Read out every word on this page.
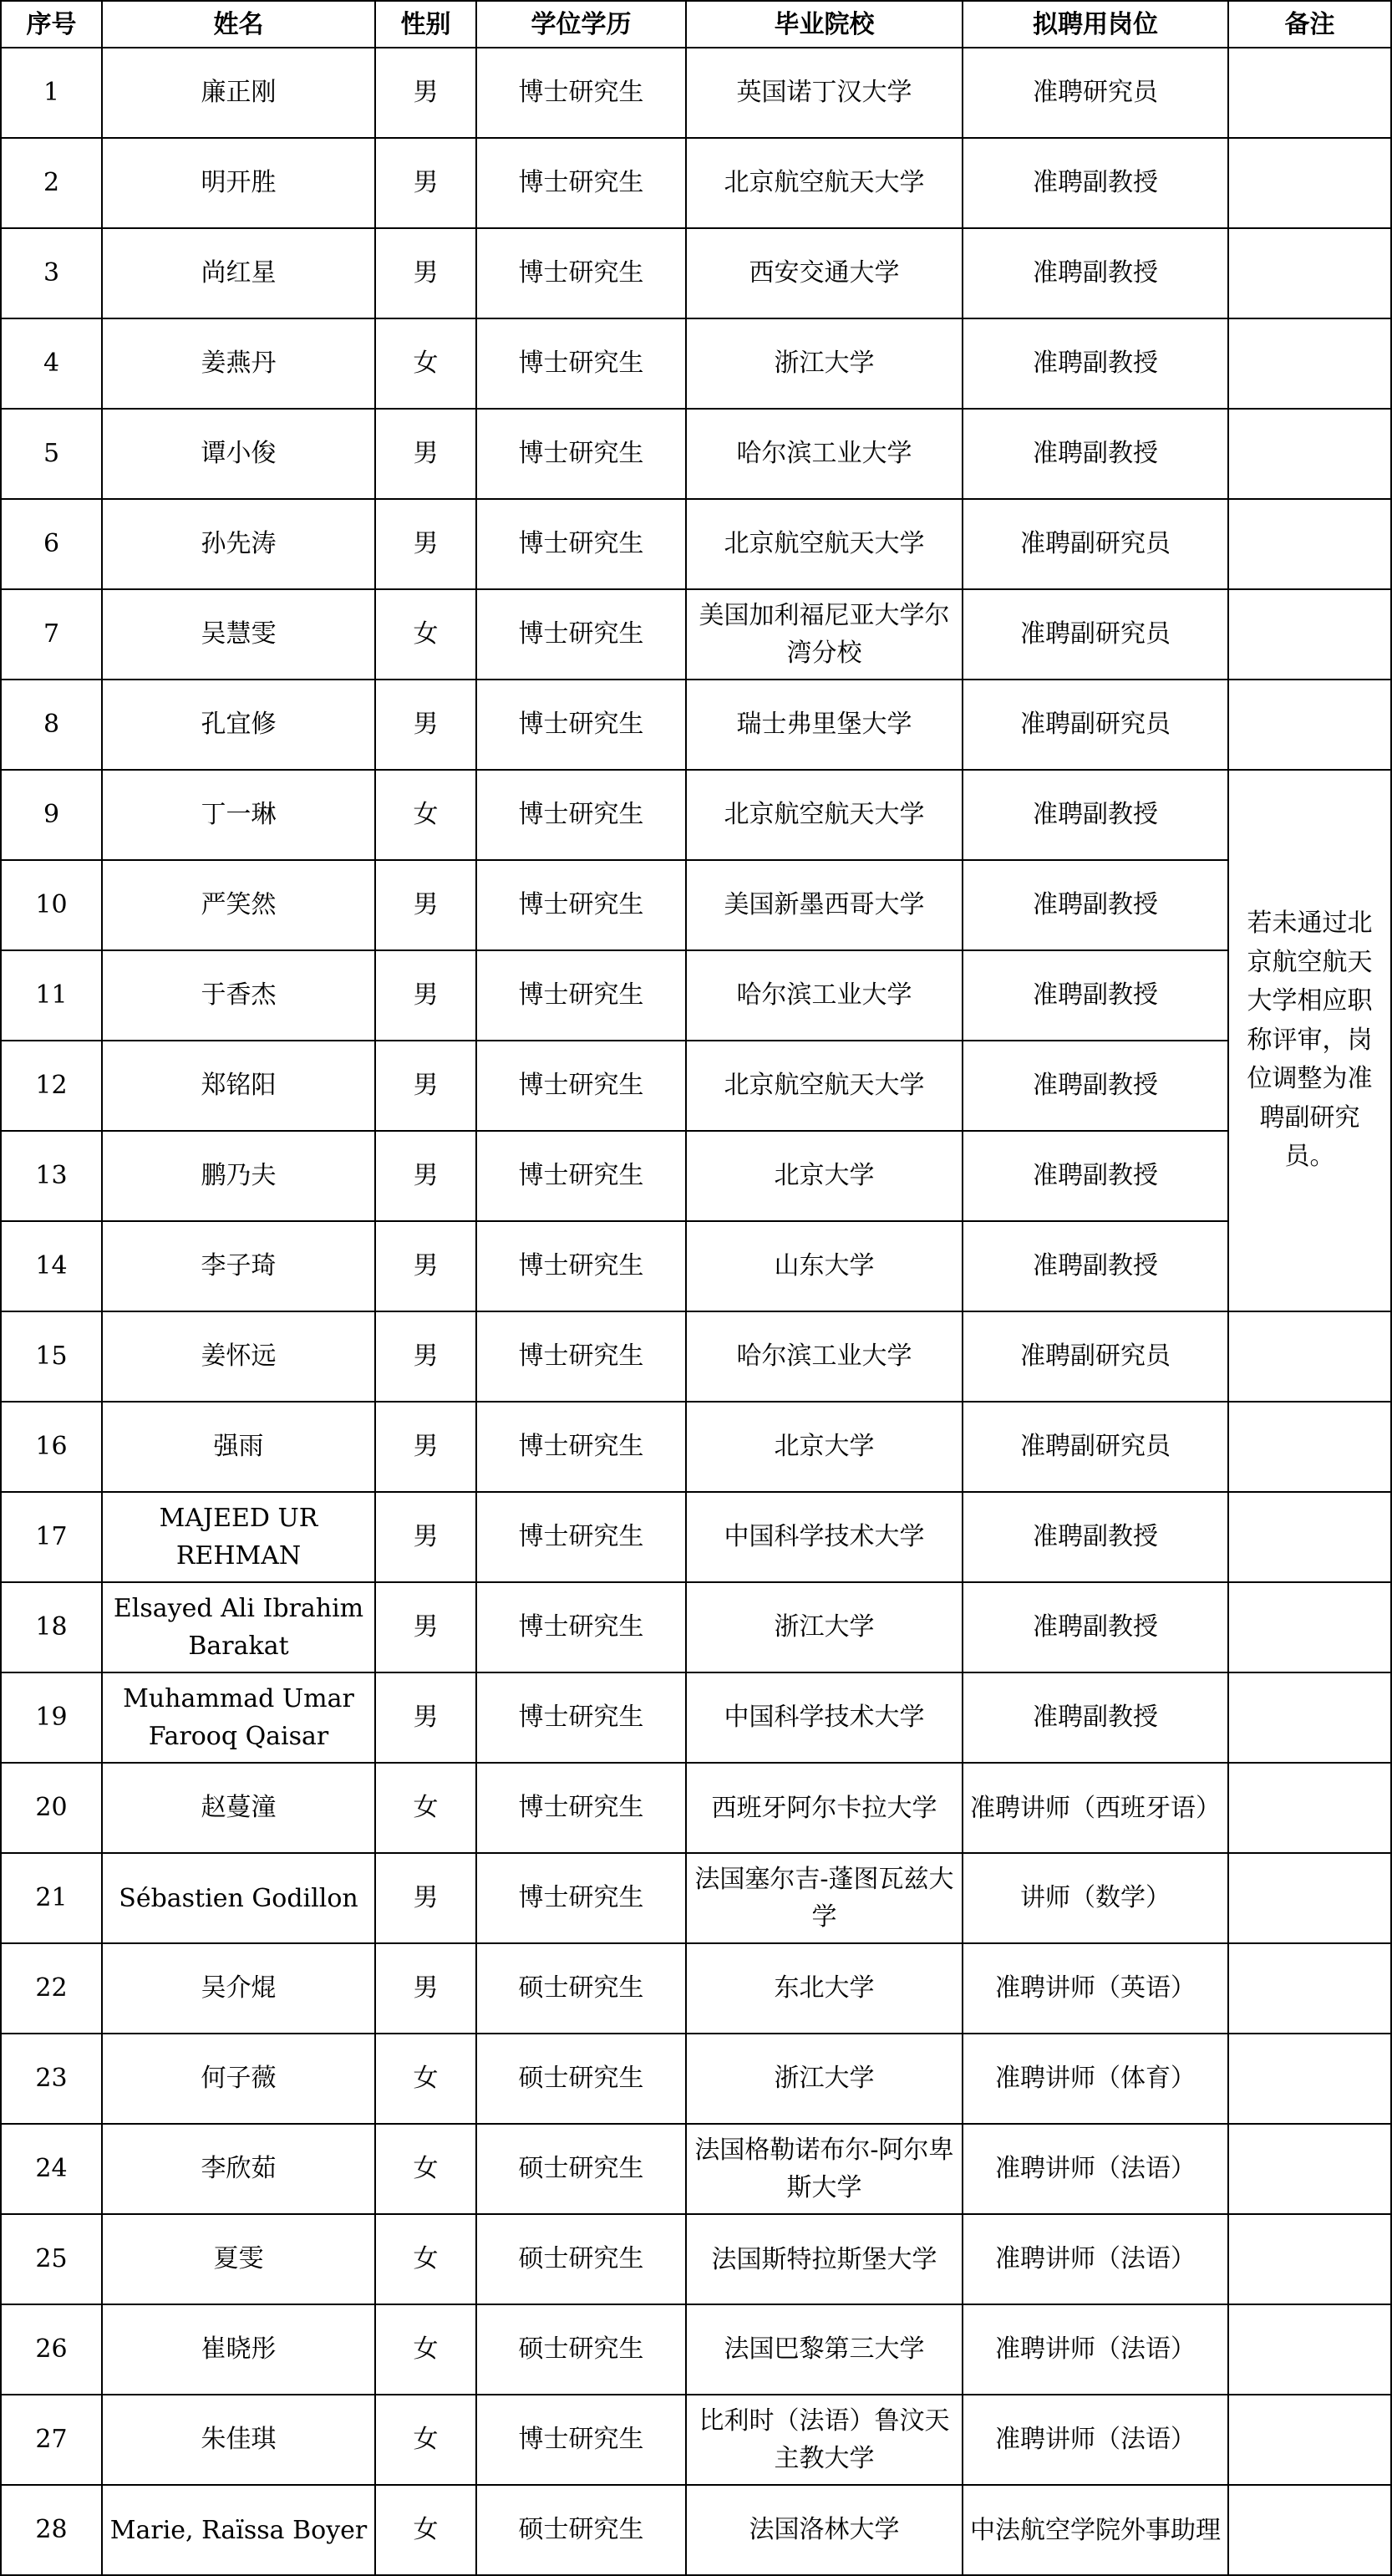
序号	姓名	性别	学位学历	毕业院校	拟聘用岗位	备注
1	廉正刚	男	博士研究生	英国诺丁汉大学	准聘研究员	
2	明开胜	男	博士研究生	北京航空航天大学	准聘副教授	
3	尚红星	男	博士研究生	西安交通大学	准聘副教授	
4	姜燕丹	女	博士研究生	浙江大学	准聘副教授	
5	谭小俊	男	博士研究生	哈尔滨工业大学	准聘副教授	
6	孙先涛	男	博士研究生	北京航空航天大学	准聘副研究员	
7	吴慧雯	女	博士研究生	美国加利福尼亚大学尔湾分校	准聘副研究员	
8	孔宜修	男	博士研究生	瑞士弗里堡大学	准聘副研究员	
9	丁一琳	女	博士研究生	北京航空航天大学	准聘副教授	若未通过北京航空航天大学相应职称评审，岗位调整为准聘副研究员。
10	严笑然	男	博士研究生	美国新墨西哥大学	准聘副教授	
11	于香杰	男	博士研究生	哈尔滨工业大学	准聘副教授	
12	郑铭阳	男	博士研究生	北京航空航天大学	准聘副教授	
13	鹏乃夫	男	博士研究生	北京大学	准聘副教授	
14	李子琦	男	博士研究生	山东大学	准聘副教授	
15	姜怀远	男	博士研究生	哈尔滨工业大学	准聘副研究员	
16	强雨	男	博士研究生	北京大学	准聘副研究员	
17	MAJEED UR REHMAN	男	博士研究生	中国科学技术大学	准聘副教授	
18	Elsayed Ali Ibrahim Barakat	男	博士研究生	浙江大学	准聘副教授	
19	Muhammad Umar Farooq Qaisar	男	博士研究生	中国科学技术大学	准聘副教授	
20	赵蔓潼	女	博士研究生	西班牙阿尔卡拉大学	准聘讲师（西班牙语）	
21	Sébastien Godillon	男	博士研究生	法国塞尔吉-蓬图瓦兹大学	讲师（数学）	
22	吴介焜	男	硕士研究生	东北大学	准聘讲师（英语）	
23	何子薇	女	硕士研究生	浙江大学	准聘讲师（体育）	
24	李欣茹	女	硕士研究生	法国格勒诺布尔-阿尔卑斯大学	准聘讲师（法语）	
25	夏雯	女	硕士研究生	法国斯特拉斯堡大学	准聘讲师（法语）	
26	崔晓彤	女	硕士研究生	法国巴黎第三大学	准聘讲师（法语）	
27	朱佳琪	女	博士研究生	比利时（法语）鲁汶天主教大学	准聘讲师（法语）	
28	Marie, Raïssa Boyer	女	硕士研究生	法国洛林大学	中法航空学院外事助理	
